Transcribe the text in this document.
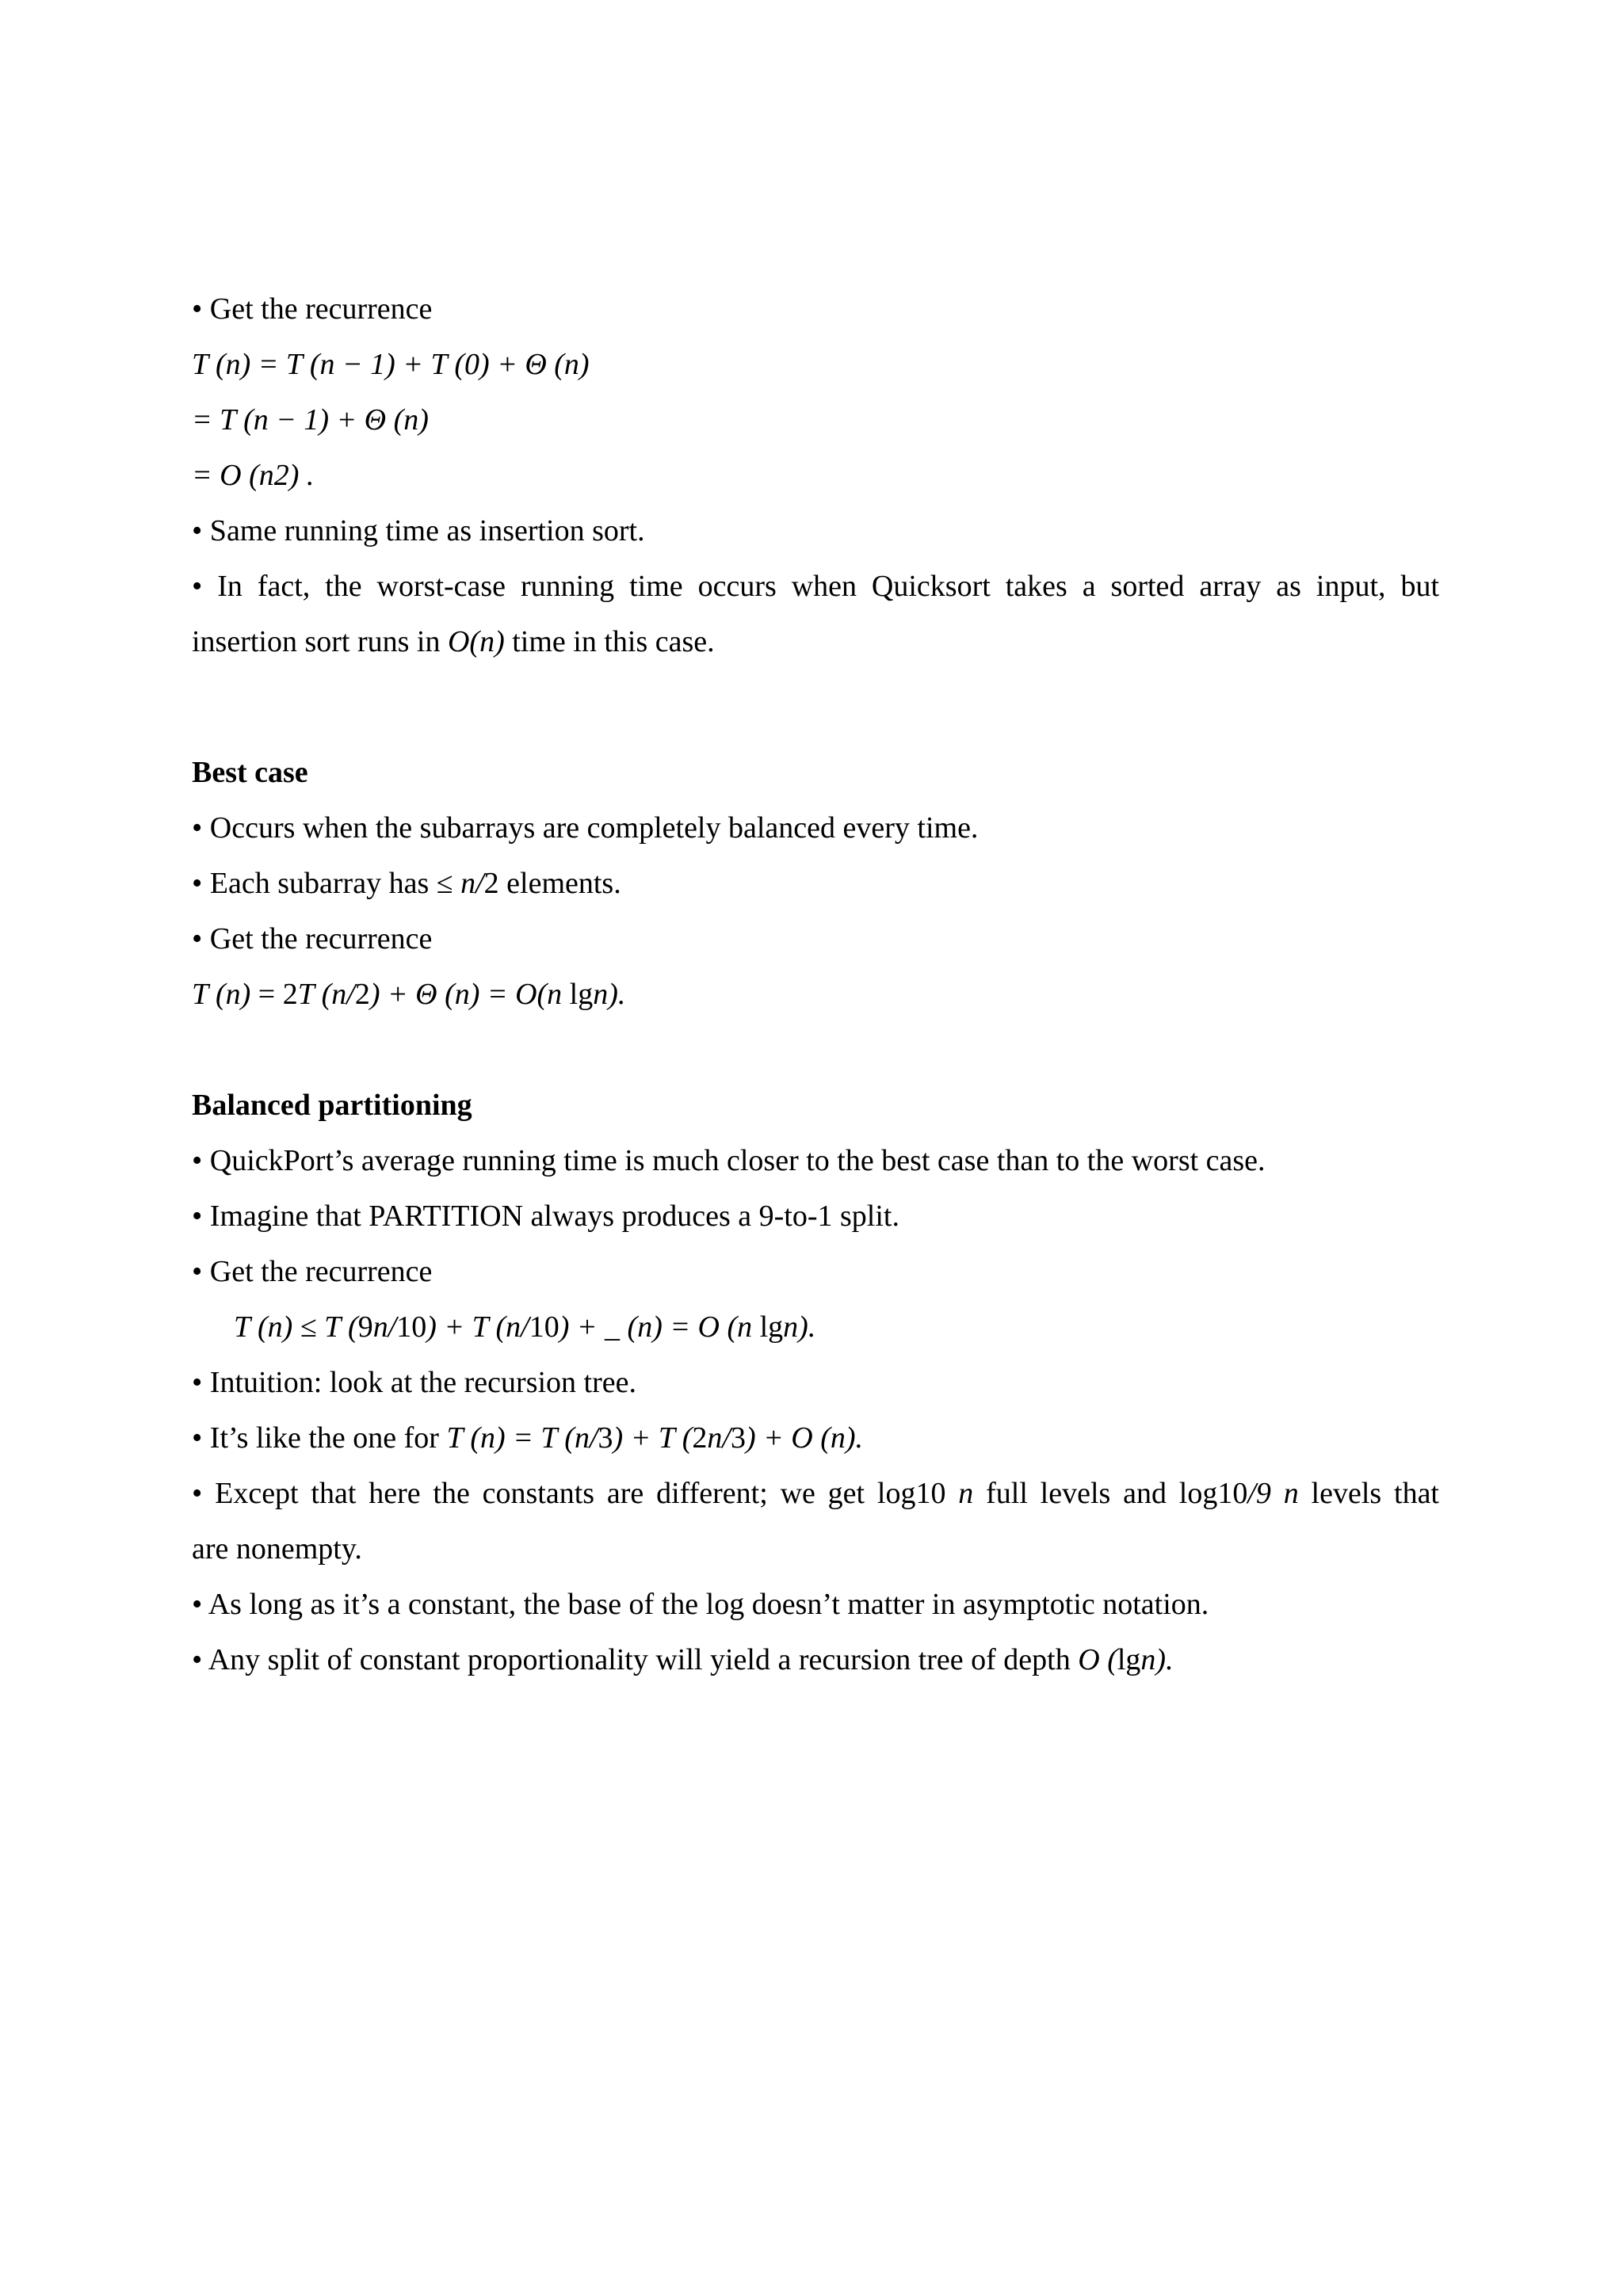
• Get the recurrence
T (n) = T (n − 1) + T (0) + Θ (n)
= T (n − 1) + Θ (n)
= O (n2) .
• Same running time as insertion sort.
• In fact, the worst-case running time occurs when Quicksort takes a sorted array as input, but
insertion sort runs in O(n) time in this case.
Best case
• Occurs when the subarrays are completely balanced every time.
• Each subarray has ≤ n/2 elements.
• Get the recurrence
T (n) = 2T (n/2) + Θ (n) = O(n lgn).
Balanced partitioning
• QuickPort’s average running time is much closer to the best case than to the worst case.
• Imagine that PARTITION always produces a 9-to-1 split.
• Get the recurrence
T (n) ≤ T (9n/10) + T (n/10) + _ (n) = O (n lgn).
• Intuition: look at the recursion tree.
• It’s like the one for T (n) = T (n/3) + T (2n/3) + O (n).
• Except that here the constants are different; we get log10 n full levels and log10/9 n levels that
are nonempty.
• As long as it’s a constant, the base of the log doesn’t matter in asymptotic notation.
• Any split of constant proportionality will yield a recursion tree of depth O (lgn).
